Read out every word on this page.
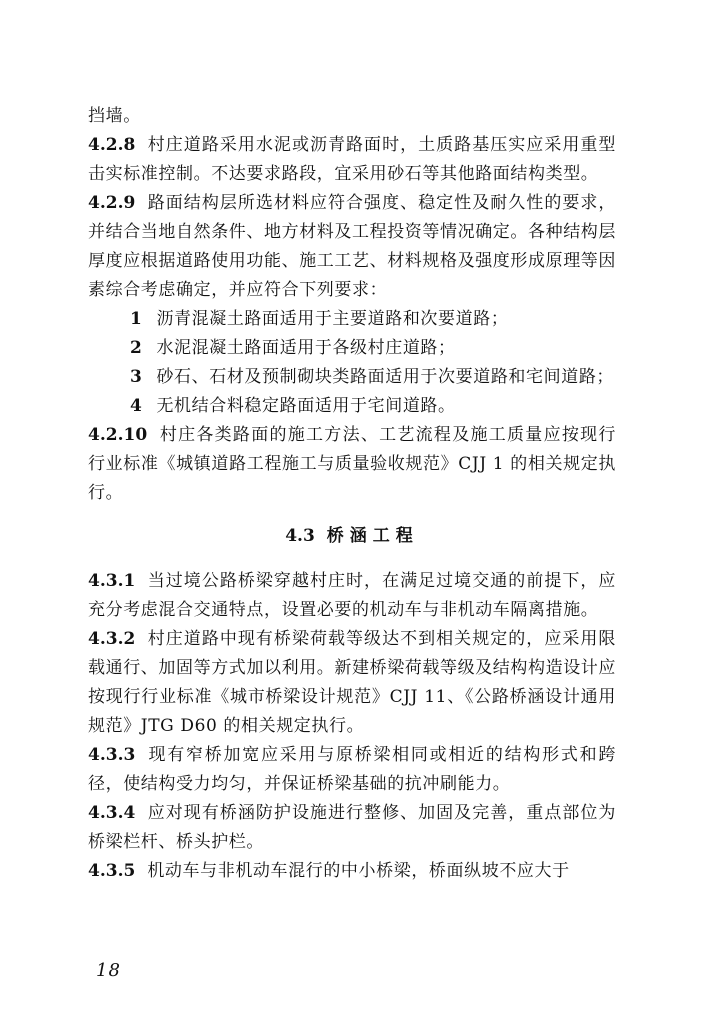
挡墙。

4.2.8 村庄道路采用水泥或沥青路面时，土质路基压实应采用重型击实标准控制。不达要求路段，宜采用砂石等其他路面结构类型。

4.2.9 路面结构层所选材料应符合强度、稳定性及耐久性的要求，并结合当地自然条件、地方材料及工程投资等情况确定。各种结构层厚度应根据道路使用功能、施工工艺、材料规格及强度形成原理等因素综合考虑确定，并应符合下列要求：

1 沥青混凝土路面适用于主要道路和次要道路；

2 水泥混凝土路面适用于各级村庄道路；

3 砂石、石材及预制砌块类路面适用于次要道路和宅间道路；

4 无机结合料稳定路面适用于宅间道路。

4.2.10 村庄各类路面的施工方法、工艺流程及施工质量应按现行行业标准《城镇道路工程施工与质量验收规范》CJJ 1 的相关规定执行。

4.3 桥涵工程

4.3.1 当过境公路桥梁穿越村庄时，在满足过境交通的前提下，应充分考虑混合交通特点，设置必要的机动车与非机动车隔离措施。

4.3.2 村庄道路中现有桥梁荷载等级达不到相关规定的，应采用限载通行、加固等方式加以利用。新建桥梁荷载等级及结构构造设计应按现行行业标准《城市桥梁设计规范》CJJ 11、《公路桥涵设计通用规范》JTG D60 的相关规定执行。

4.3.3 现有窄桥加宽应采用与原桥梁相同或相近的结构形式和跨径，使结构受力均匀，并保证桥梁基础的抗冲刷能力。

4.3.4 应对现有桥涵防护设施进行整修、加固及完善，重点部位为桥梁栏杆、桥头护栏。

4.3.5 机动车与非机动车混行的中小桥梁，桥面纵坡不应大于

18
